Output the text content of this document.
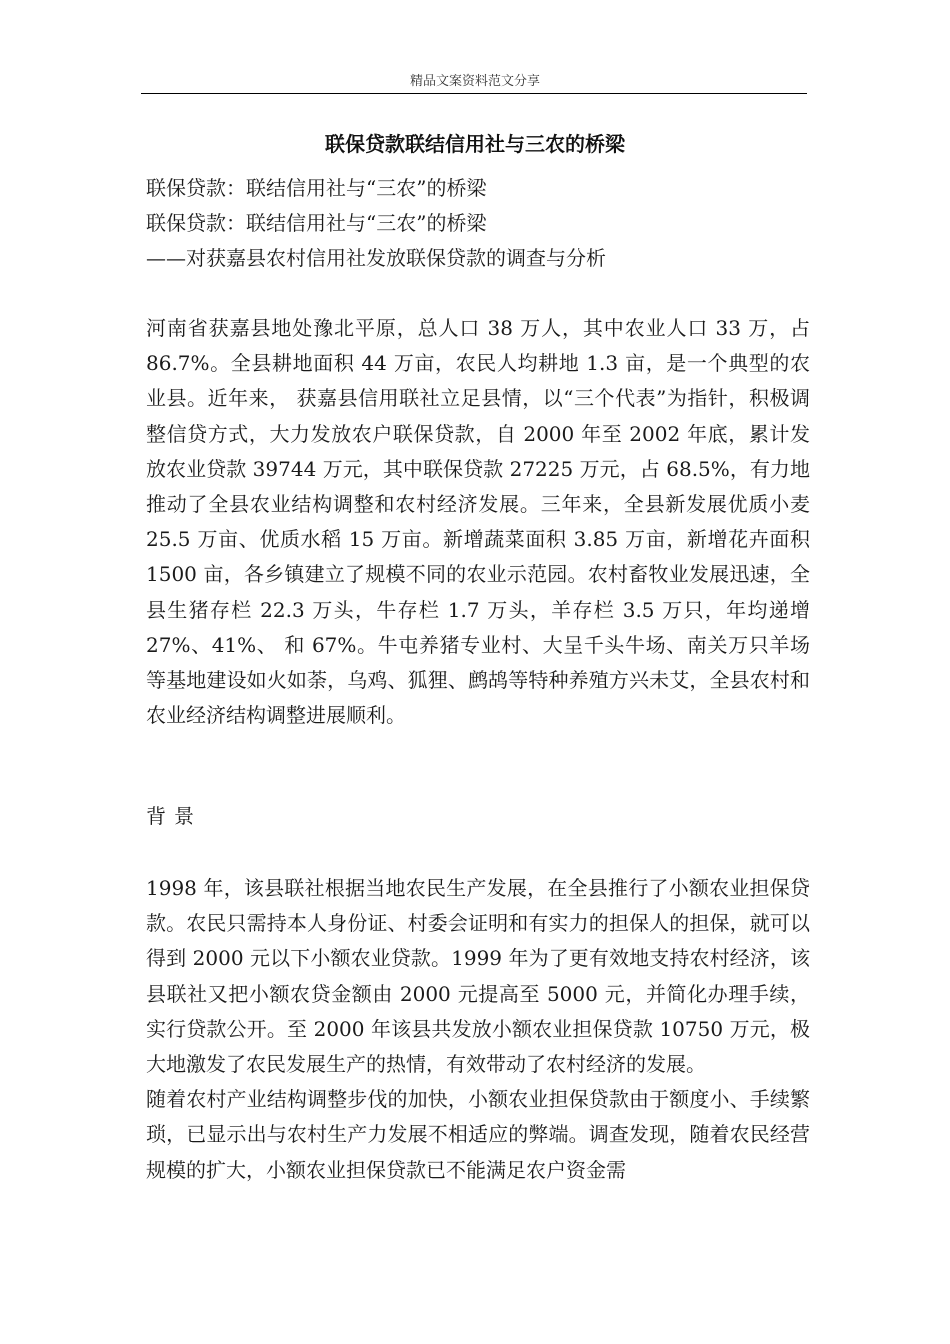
精品文案资料范文分享
联保贷款联结信用社与三农的桥梁

联保贷款：联结信用社与“三农”的桥梁

联保贷款：联结信用社与“三农”的桥梁

——对获嘉县农村信用社发放联保贷款的调查与分析

河南省获嘉县地处豫北平原，总人口 38 万人，其中农业人口 33 万，占 86.7%。全县耕地面积 44 万亩，农民人均耕地 1.3 亩，是一个典型的农业县。近年来， 获嘉县信用联社立足县情，以“三个代表”为指针，积极调整信贷方式，大力发放农户联保贷款，自 2000 年至 2002 年底，累计发放农业贷款 39744 万元，其中联保贷款 27225 万元，占 68.5%，有力地推动了全县农业结构调整和农村经济发展。三年来，全县新发展优质小麦 25.5 万亩、优质水稻 15 万亩。新增蔬菜面积 3.85 万亩，新增花卉面积 1500 亩，各乡镇建立了规模不同的农业示范园。农村畜牧业发展迅速，全县生猪存栏 22.3 万头，牛存栏 1.7 万头，羊存栏 3.5 万只，年均递增 27%、41%、 和 67%。牛屯养猪专业村、大呈千头牛场、南关万只羊场等基地建设如火如荼，乌鸡、狐狸、鹧鸪等特种养殖方兴未艾，全县农村和农业经济结构调整进展顺利。

背景

1998 年，该县联社根据当地农民生产发展，在全县推行了小额农业担保贷款。农民只需持本人身份证、村委会证明和有实力的担保人的担保，就可以得到 2000 元以下小额农业贷款。1999 年为了更有效地支持农村经济，该县联社又把小额农贷金额由 2000 元提高至 5000 元，并简化办理手续，实行贷款公开。至 2000 年该县共发放小额农业担保贷款 10750 万元，极大地激发了农民发展生产的热情，有效带动了农村经济的发展。

随着农村产业结构调整步伐的加快，小额农业担保贷款由于额度小、手续繁琐，已显示出与农村生产力发展不相适应的弊端。调查发现，随着农民经营规模的扩大，小额农业担保贷款已不能满足农户资金需
